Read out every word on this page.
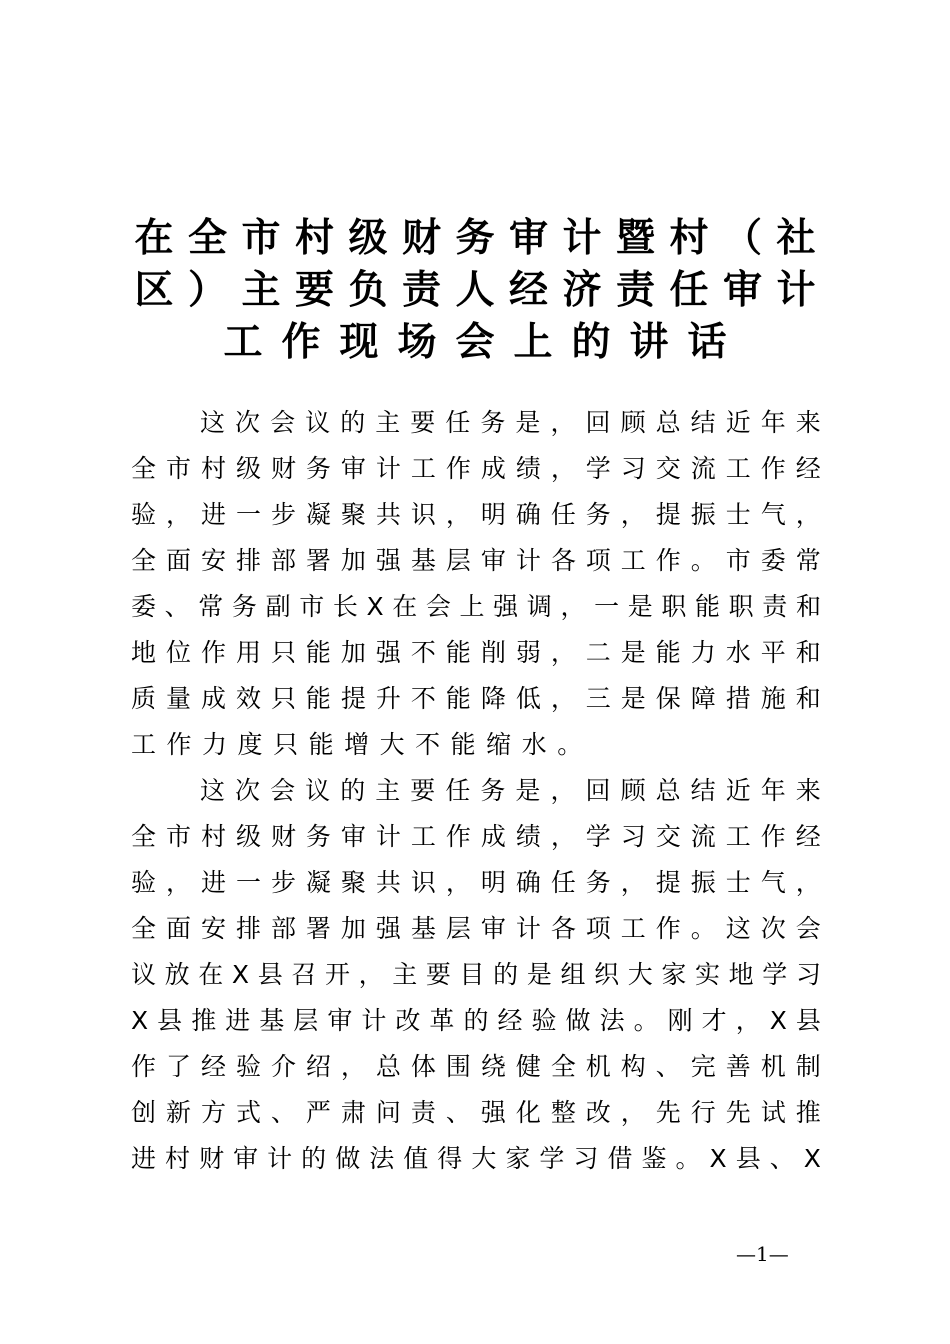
在 全 市 村 级 财 务 审 计 暨 村 （ 社
区 ） 主 要 负 责 人 经 济 责 任 审 计
工 作 现 场 会 上 的 讲 话
这 次 会 议 的 主 要 任 务 是 ， 回 顾 总 结 近 年 来
全 市 村 级 财 务 审 计 工 作 成 绩 ， 学 习 交 流 工 作 经
验 ， 进 一 步 凝 聚 共 识 ， 明 确 任 务 ， 提 振 士 气 ，
全 面 安 排 部 署 加 强 基 层 审 计 各 项 工 作 。 市 委 常
委 、 常 务 副 市 长 X 在 会 上 强 调 ， 一 是 职 能 职 责 和
地 位 作 用 只 能 加 强 不 能 削 弱 ， 二 是 能 力 水 平 和
质 量 成 效 只 能 提 升 不 能 降 低 ， 三 是 保 障 措 施 和
工 作 力 度 只 能 增 大 不 能 缩 水 。
这 次 会 议 的 主 要 任 务 是 ， 回 顾 总 结 近 年 来
全 市 村 级 财 务 审 计 工 作 成 绩 ， 学 习 交 流 工 作 经
验 ， 进 一 步 凝 聚 共 识 ， 明 确 任 务 ， 提 振 士 气 ，
全 面 安 排 部 署 加 强 基 层 审 计 各 项 工 作 。 这 次 会
议 放 在 X 县 召 开 ， 主 要 目 的 是 组 织 大 家 实 地 学 习
X 县 推 进 基 层 审 计 改 革 的 经 验 做 法 。 刚 才 ， X 县
作 了 经 验 介 绍 ， 总 体 围 绕 健 全 机 构 、 完 善 机 制
创 新 方 式 、 严 肃 问 责 、 强 化 整 改 ， 先 行 先 试 推
进 村 财 审 计 的 做 法 值 得 大 家 学 习 借 鉴 。 X 县 、 X
—1—
